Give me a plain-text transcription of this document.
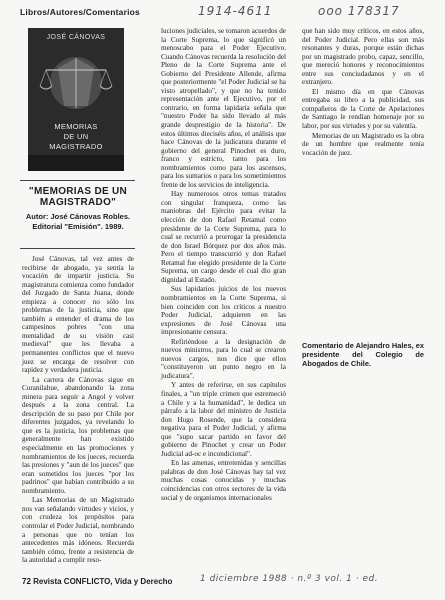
Libros/Autores/Comentarios	1914-4611	ooo 178317
JOSÉ CÁNOVAS
MEMORIAS
DE UN
MAGISTRADO
"MEMORIAS DE UN MAGISTRADO"
Autor: José Cánovas Robles. Editorial "Emisión". 1989.

José Cánovas, tal vez antes de recibirse de abogado, ya sentía la vocación de impartir justicia. Su magistratura comienza como fundador del Juzgado de Santa Juana, donde empieza a conocer no sólo los problemas de la justicia, sino que también a entender el drama de los campesinos pobres "con una mentalidad de su visión casi medieval" que les llevaba a permanentes conflictos que el nuevo juez se encarga de resolver con rapidez y verdadera justicia.

La carrera de Cánovas sigue en Curanilahue, abandonando la zona minera para seguir a Angol y volver después a la zona central. La descripción de su paso por Chile por diferentes juzgados, ya revelando lo que es la justicia, los problemas que generalmente han existido especialmente en las promociones y nombramientos de los jueces, recuerda las presiones y "aun de los jueces" que eran sometidos los jueces "por los padrinos" que habían contribuido a su nombramiento.

Las Memorias de un Magistrado nos van señalando virtudes y vicios, y con crudeza los propósitos para controlar el Poder Judicial, nombrando a personas que no tenían los antecedentes más idóneos. Recuerda también cómo, frente a resistencia de la autoridad a cumplir reso-

luciones judiciales, se tomaron acuerdos de la Corte Suprema, lo que significó un menoscabo para el Poder Ejecutivo. Cuando Cánovas recuerda la resolución del Pleno de la Corte Suprema ante el Gobierno del Presidente Allende, afirma que posteriormente "el Poder Judicial se ha visto atropellado", y que no ha tenido representación ante el Ejecutivo, por el contrario, en forma lapidaria señala que "nuestro Poder ha sido llevado al más grande desprestigio de la historia". De estos últimos dieciséis años, el análisis que hace Cánovas de la judicatura durante el gobierno del general Pinochet es duro, franco y estricto, tanto para los nombramientos como para los ascensos, para los sumarios o para los sometimientos frente de los servicios de inteligencia.

Hay numerosos otros temas tratados con singular franqueza, como las maniobras del Ejército para evitar la elección de don Rafael Retamal como presidente de la Corte Suprema, para lo cual se recurrió a prorrogar la presidencia de don Israel Bórquez por dos años más. Pero el tiempo transcurrió y don Rafael Retamal fue elegido presidente de la Corte Suprema, un cargo desde el cual dio gran dignidad al Estado.

Sus lapidarios juicios de los nuevos nombramientos en la Corte Suprema, si bien coinciden con los críticos a nuestro Poder Judicial, adquieren en las expresiones de José Cánovas una impresionante censura.

Refiriéndose a la designación de nuevos ministros, para lo cual se crearon nuevos cargos, nos dice que ellos "constituyeron un punto negro en la judicatura".

Y antes de referirse, en sus capítulos finales, a "un triple crimen que estremeció a Chile y a la humanidad", le dedica un párrafo a la labor del ministro de Justicia don Hugo Rosende, que la considera negativa para el Poder Judicial, y afirma que "supo sacar partido en favor del gobierno de Pinochet y crear un Poder Judicial ad-oc e incondicional".

En las amenas, entretenidas y sencillas palabras de don José Cánovas hay tal vez muchas cosas conocidas y muchas coincidencias con otros sectores de la vida social y de organismos internacionales

que han sido muy críticos, en estos años, del Poder Judicial. Pero ellas son más resonantes y duras, porque están dichas por un magistrado probo, capaz, sencillo, que mereció honores y reconocimientos entre sus conciudadanos y en el extranjero.

El mismo día en que Cánovas entregaba su libro a la publicidad, sus compañeros de la Corte de Apelaciones de Santiago le rendían homenaje por su labor, por sus virtudes y por su valentía.

Memorias de un Magistrado es la obra de un hombre que realmente tenía vocación de juez.

Comentario de Alejandro Hales, ex presidente del Colegio de Abogados de Chile.
72 Revista CONFLICTO, Vida y Derecho	1 diciembre 1988 · n.º 3 vol. 1 · ed.
